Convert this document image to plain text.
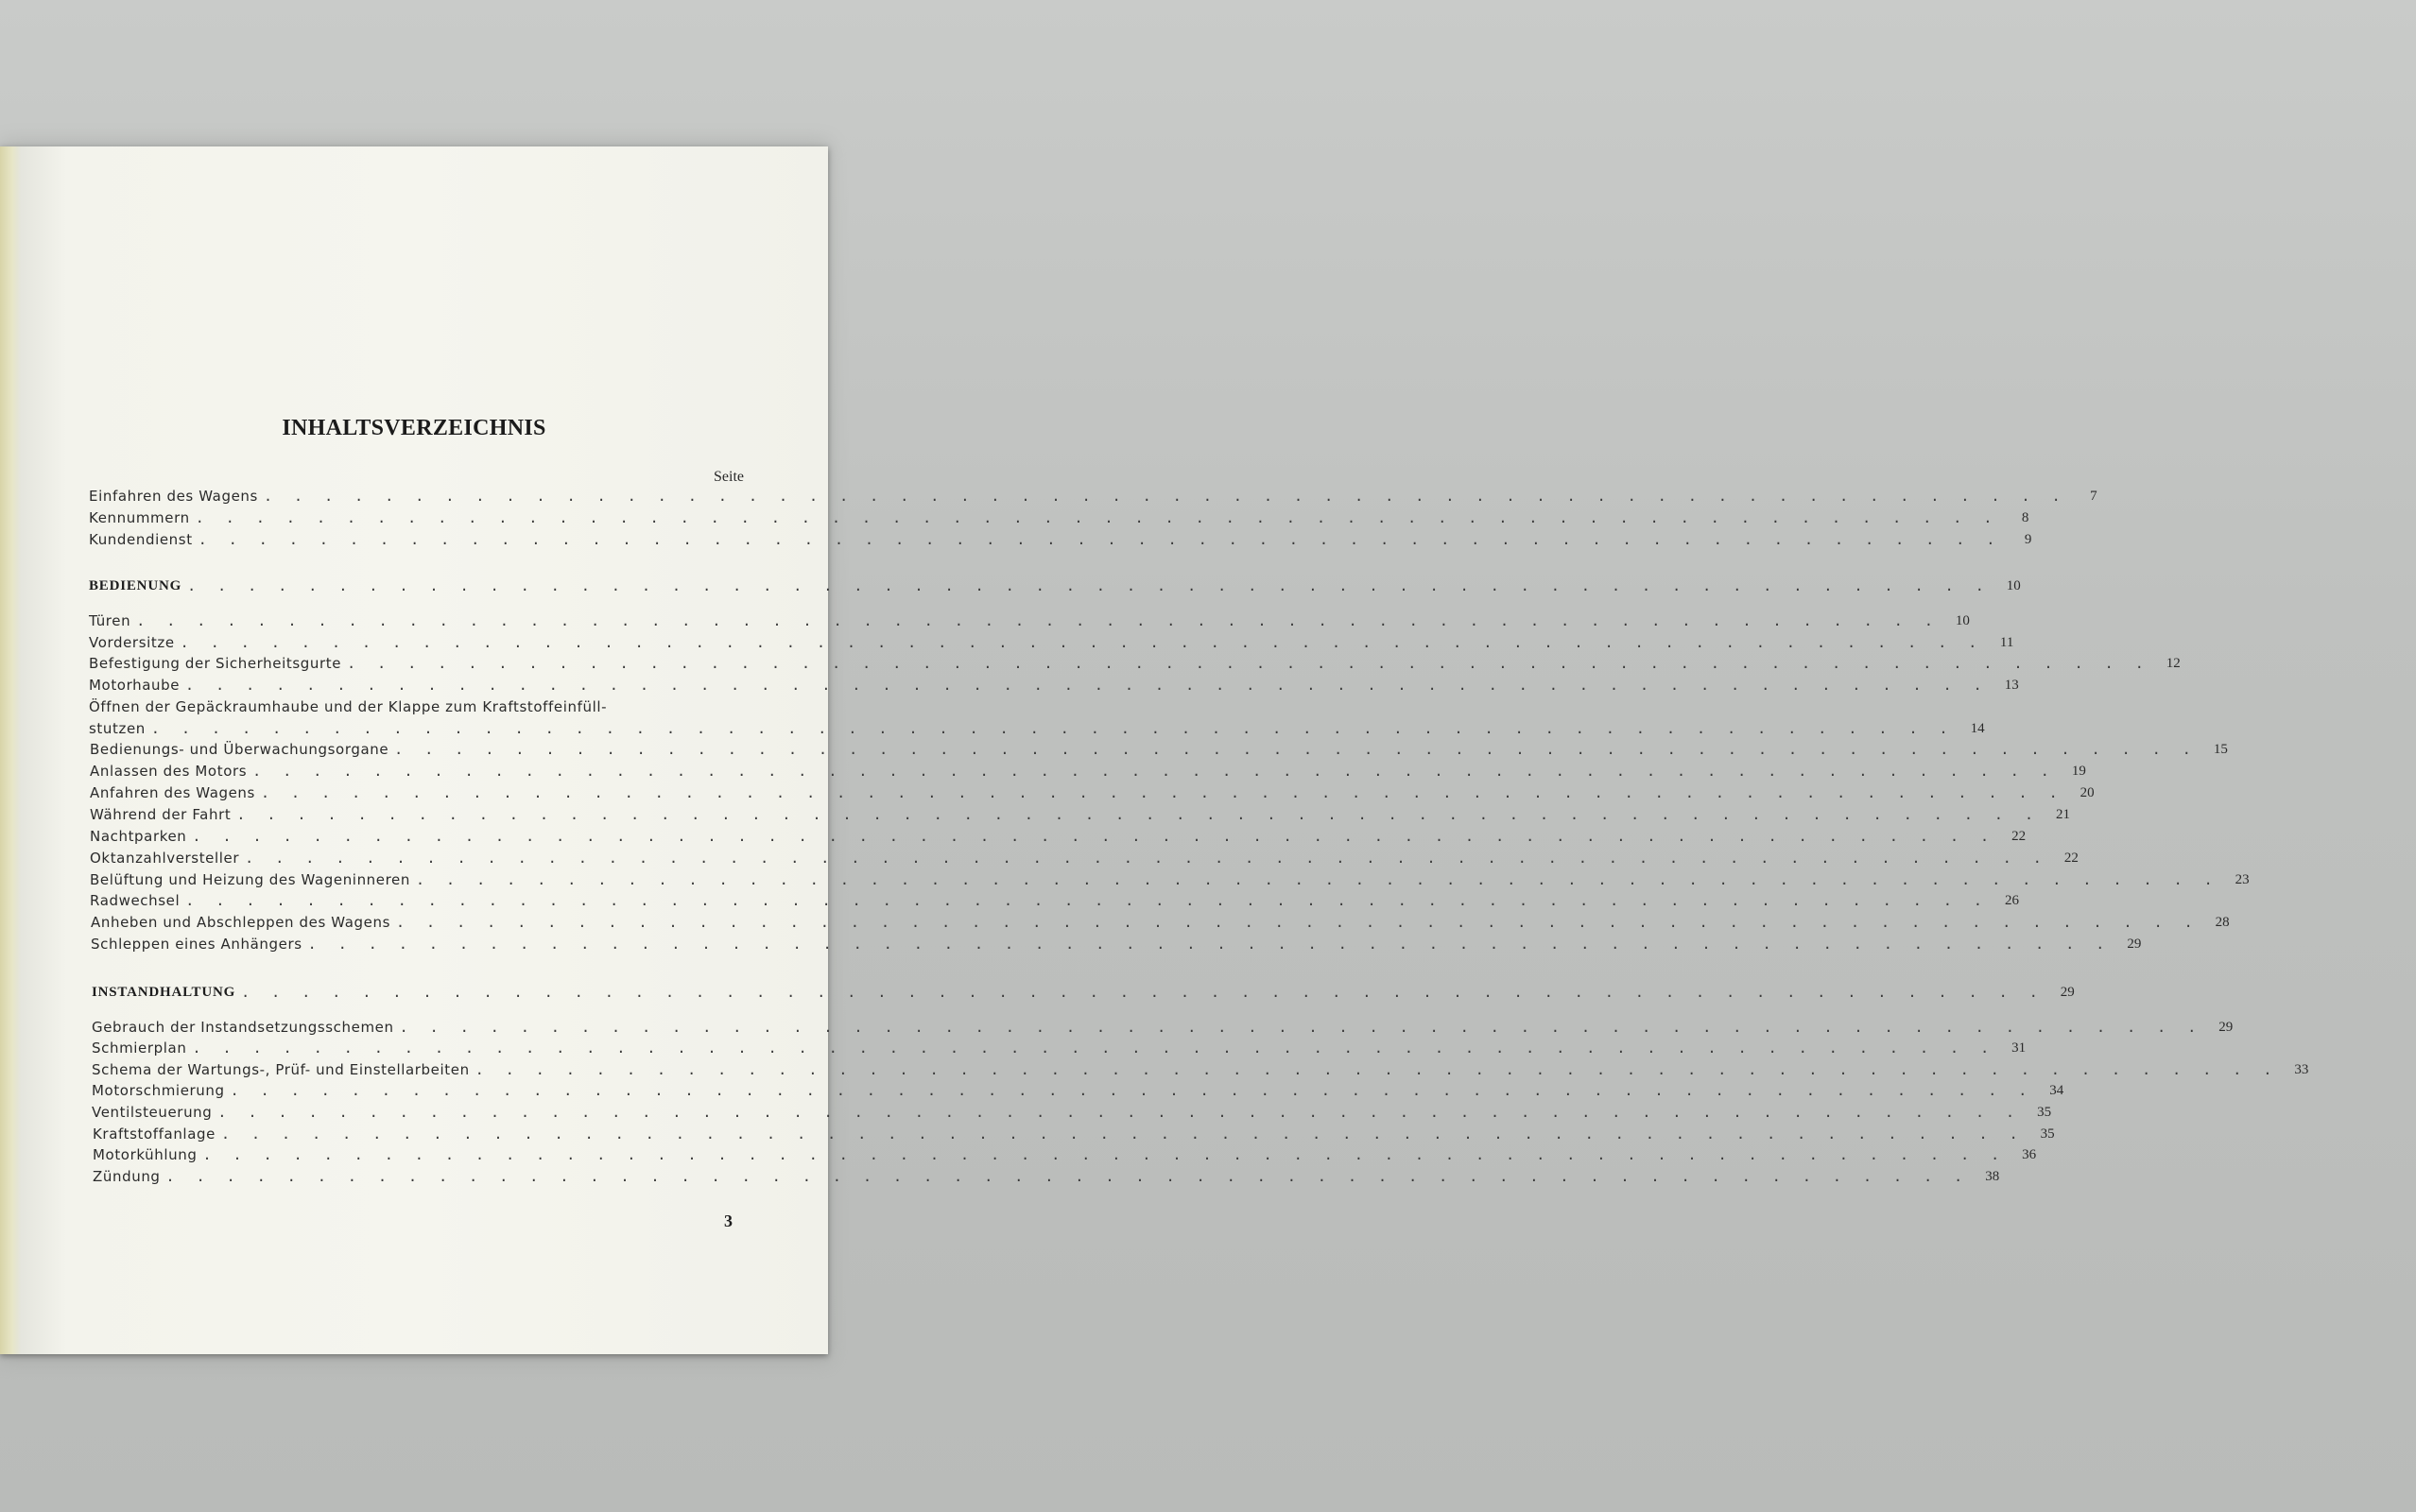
INHALTSVERZEICHNIS

Seite

Einfahren des Wagens . . . . . . . . . . . . . . . . . . . . . . . . . . . . . . . . . . . . . . . . . . . . . . . . . . . . . . . . . . . .	7
Kennummern . . . . . . . . . . . . . . . . . . . . . . . . . . . . . . . . . . . . . . . . . . . . . . . . . . . . . . . . . . . .	8
Kundendienst . . . . . . . . . . . . . . . . . . . . . . . . . . . . . . . . . . . . . . . . . . . . . . . . . . . . . . . . . . . .	9
BEDIENUNG . . . . . . . . . . . . . . . . . . . . . . . . . . . . . . . . . . . . . . . . . . . . . . . . . . . . . . . . . . . .	10
Türen . . . . . . . . . . . . . . . . . . . . . . . . . . . . . . . . . . . . . . . . . . . . . . . . . . . . . . . . . . . .	10
Vordersitze . . . . . . . . . . . . . . . . . . . . . . . . . . . . . . . . . . . . . . . . . . . . . . . . . . . . . . . . . . . .	11
Befestigung der Sicherheitsgurte . . . . . . . . . . . . . . . . . . . . . . . . . . . . . . . . . . . . . . . . . . . . . . . . . . . . . . . . . . . .	12
Motorhaube . . . . . . . . . . . . . . . . . . . . . . . . . . . . . . . . . . . . . . . . . . . . . . . . . . . . . . . . . . . .	13
Öffnen der Gepäckraumhaube und der Klappe zum Kraftstoffeinfüll-
stutzen . . . . . . . . . . . . . . . . . . . . . . . . . . . . . . . . . . . . . . . . . . . . . . . . . . . . . . . . . . . .	14
Bedienungs- und Überwachungsorgane . . . . . . . . . . . . . . . . . . . . . . . . . . . . . . . . . . . . . . . . . . . . . . . . . . . . . . . . . . . .	15
Anlassen des Motors . . . . . . . . . . . . . . . . . . . . . . . . . . . . . . . . . . . . . . . . . . . . . . . . . . . . . . . . . . . .	19
Anfahren des Wagens . . . . . . . . . . . . . . . . . . . . . . . . . . . . . . . . . . . . . . . . . . . . . . . . . . . . . . . . . . . .	20
Während der Fahrt . . . . . . . . . . . . . . . . . . . . . . . . . . . . . . . . . . . . . . . . . . . . . . . . . . . . . . . . . . . .	21
Nachtparken . . . . . . . . . . . . . . . . . . . . . . . . . . . . . . . . . . . . . . . . . . . . . . . . . . . . . . . . . . . .	22
Oktanzahlversteller . . . . . . . . . . . . . . . . . . . . . . . . . . . . . . . . . . . . . . . . . . . . . . . . . . . . . . . . . . . .	22
Belüftung und Heizung des Wageninneren . . . . . . . . . . . . . . . . . . . . . . . . . . . . . . . . . . . . . . . . . . . . . . . . . . . . . . . . . . . .	23
Radwechsel . . . . . . . . . . . . . . . . . . . . . . . . . . . . . . . . . . . . . . . . . . . . . . . . . . . . . . . . . . . .	26
Anheben und Abschleppen des Wagens . . . . . . . . . . . . . . . . . . . . . . . . . . . . . . . . . . . . . . . . . . . . . . . . . . . . . . . . . . . .	28
Schleppen eines Anhängers . . . . . . . . . . . . . . . . . . . . . . . . . . . . . . . . . . . . . . . . . . . . . . . . . . . . . . . . . . . .	29
INSTANDHALTUNG . . . . . . . . . . . . . . . . . . . . . . . . . . . . . . . . . . . . . . . . . . . . . . . . . . . . . . . . . . . .	29
Gebrauch der Instandsetzungsschemen . . . . . . . . . . . . . . . . . . . . . . . . . . . . . . . . . . . . . . . . . . . . . . . . . . . . . . . . . . . .	29
Schmierplan . . . . . . . . . . . . . . . . . . . . . . . . . . . . . . . . . . . . . . . . . . . . . . . . . . . . . . . . . . . .	31
Schema der Wartungs-, Prüf- und Einstellarbeiten . . . . . . . . . . . . . . . . . . . . . . . . . . . . . . . . . . . . . . . . . . . . . . . . . . . . . . . . . . . .	33
Motorschmierung . . . . . . . . . . . . . . . . . . . . . . . . . . . . . . . . . . . . . . . . . . . . . . . . . . . . . . . . . . . .	34
Ventilsteuerung . . . . . . . . . . . . . . . . . . . . . . . . . . . . . . . . . . . . . . . . . . . . . . . . . . . . . . . . . . . .	35
Kraftstoffanlage . . . . . . . . . . . . . . . . . . . . . . . . . . . . . . . . . . . . . . . . . . . . . . . . . . . . . . . . . . . .	35
Motorkühlung . . . . . . . . . . . . . . . . . . . . . . . . . . . . . . . . . . . . . . . . . . . . . . . . . . . . . . . . . . . .	36
Zündung . . . . . . . . . . . . . . . . . . . . . . . . . . . . . . . . . . . . . . . . . . . . . . . . . . . . . . . . . . . .	38

3
